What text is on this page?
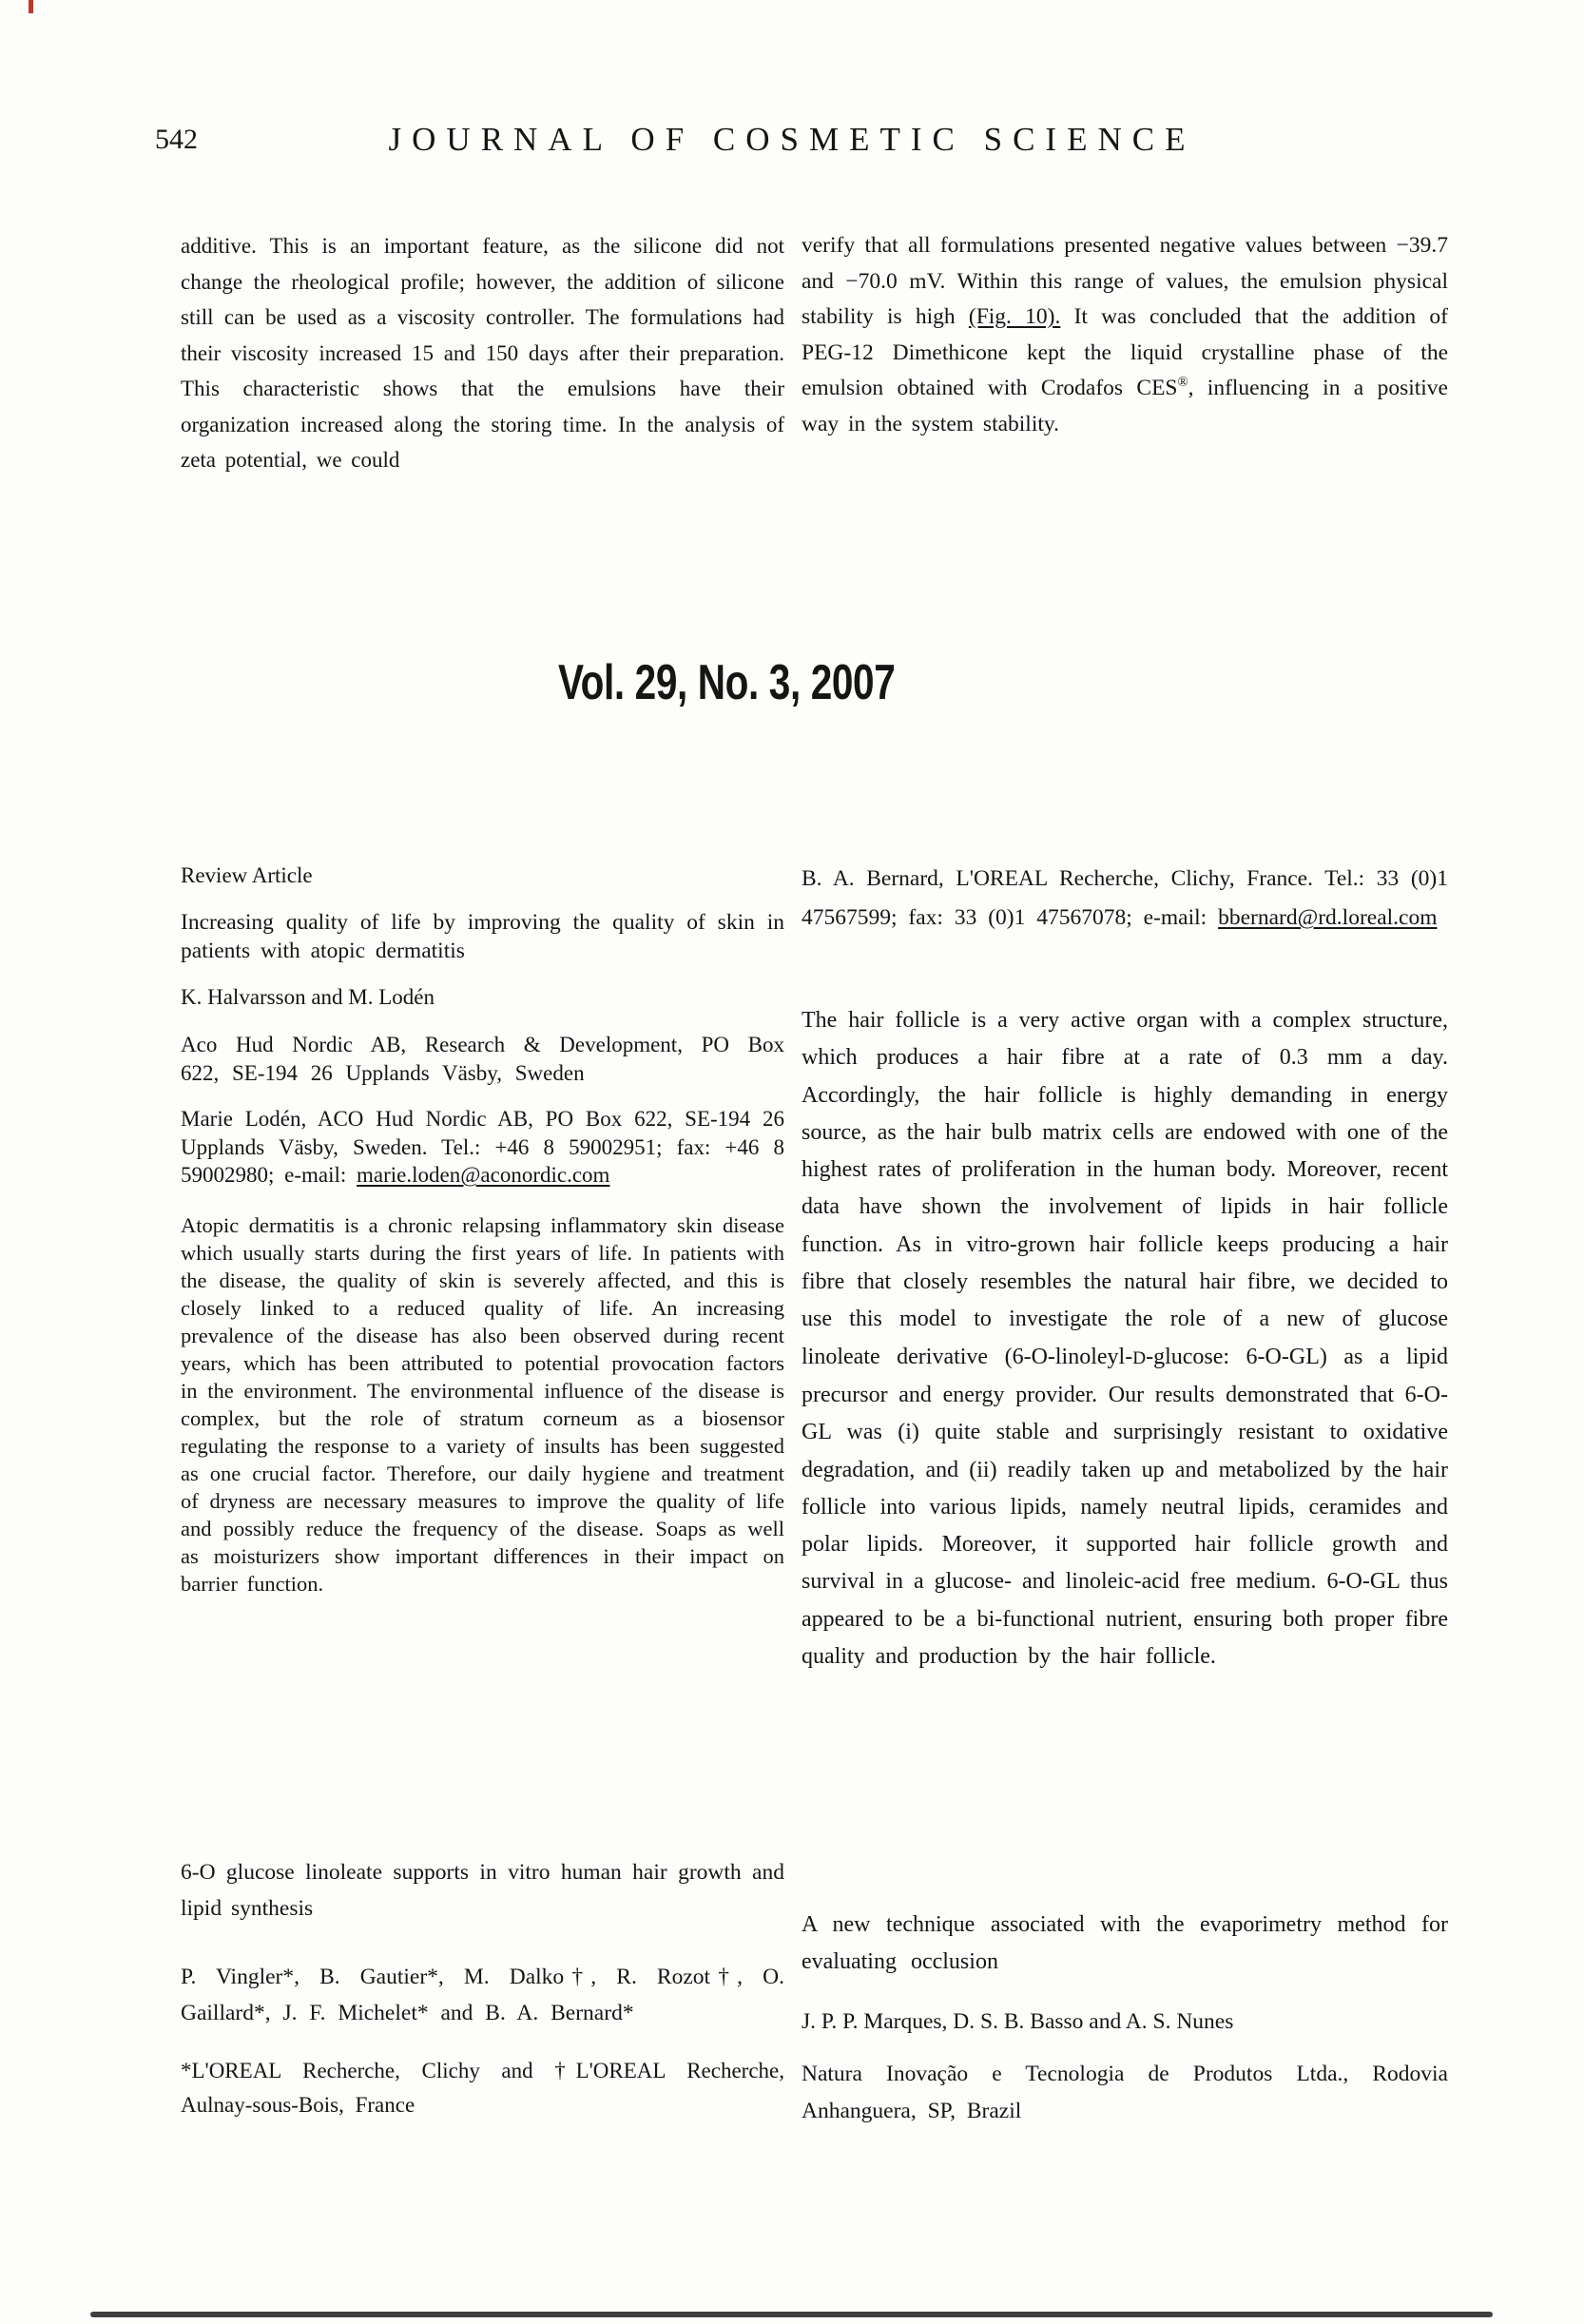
542	JOURNAL OF COSMETIC SCIENCE
additive. This is an important feature, as the silicone did not change the rheological profile; however, the addition of silicone still can be used as a viscosity controller. The formulations had their viscosity increased 15 and 150 days after their preparation. This characteristic shows that the emulsions have their organization increased along the storing time. In the analysis of zeta potential, we could
verify that all formulations presented negative values between −39.7 and −70.0 mV. Within this range of values, the emulsion physical stability is high (Fig. 10). It was concluded that the addition of PEG-12 Dimethicone kept the liquid crystalline phase of the emulsion obtained with Crodafos CES®, influencing in a positive way in the system stability.
Vol. 29, No. 3, 2007
Review Article
Increasing quality of life by improving the quality of skin in patients with atopic dermatitis
K. Halvarsson and M. Lodén
Aco Hud Nordic AB, Research & Development, PO Box 622, SE-194 26 Upplands Väsby, Sweden
Marie Lodén, ACO Hud Nordic AB, PO Box 622, SE-194 26 Upplands Väsby, Sweden. Tel.: +46 8 59002951; fax: +46 8 59002980; e-mail: marie.loden@aconordic.com
Atopic dermatitis is a chronic relapsing inflammatory skin disease which usually starts during the first years of life. In patients with the disease, the quality of skin is severely affected, and this is closely linked to a reduced quality of life. An increasing prevalence of the disease has also been observed during recent years, which has been attributed to potential provocation factors in the environment. The environmental influence of the disease is complex, but the role of stratum corneum as a biosensor regulating the response to a variety of insults has been suggested as one crucial factor. Therefore, our daily hygiene and treatment of dryness are necessary measures to improve the quality of life and possibly reduce the frequency of the disease. Soaps as well as moisturizers show important differences in their impact on barrier function.
B. A. Bernard, L'OREAL Recherche, Clichy, France. Tel.: 33 (0)1 47567599; fax: 33 (0)1 47567078; e-mail: bbernard@rd.loreal.com
The hair follicle is a very active organ with a complex structure, which produces a hair fibre at a rate of 0.3 mm a day. Accordingly, the hair follicle is highly demanding in energy source, as the hair bulb matrix cells are endowed with one of the highest rates of proliferation in the human body. Moreover, recent data have shown the involvement of lipids in hair follicle function. As in vitro-grown hair follicle keeps producing a hair fibre that closely resembles the natural hair fibre, we decided to use this model to investigate the role of a new of glucose linoleate derivative (6-O-linoleyl-D-glucose: 6-O-GL) as a lipid precursor and energy provider. Our results demonstrated that 6-O-GL was (i) quite stable and surprisingly resistant to oxidative degradation, and (ii) readily taken up and metabolized by the hair follicle into various lipids, namely neutral lipids, ceramides and polar lipids. Moreover, it supported hair follicle growth and survival in a glucose- and linoleic-acid free medium. 6-O-GL thus appeared to be a bi-functional nutrient, ensuring both proper fibre quality and production by the hair follicle.
6-O glucose linoleate supports in vitro human hair growth and lipid synthesis
P. Vingler*, B. Gautier*, M. Dalko†, R. Rozot†, O. Gaillard*, J. F. Michelet* and B. A. Bernard*
*L'OREAL Recherche, Clichy and †L'OREAL Recherche, Aulnay-sous-Bois, France
A new technique associated with the evaporimetry method for evaluating occlusion
J. P. P. Marques, D. S. B. Basso and A. S. Nunes
Natura Inovação e Tecnologia de Produtos Ltda., Rodovia Anhanguera, SP, Brazil
